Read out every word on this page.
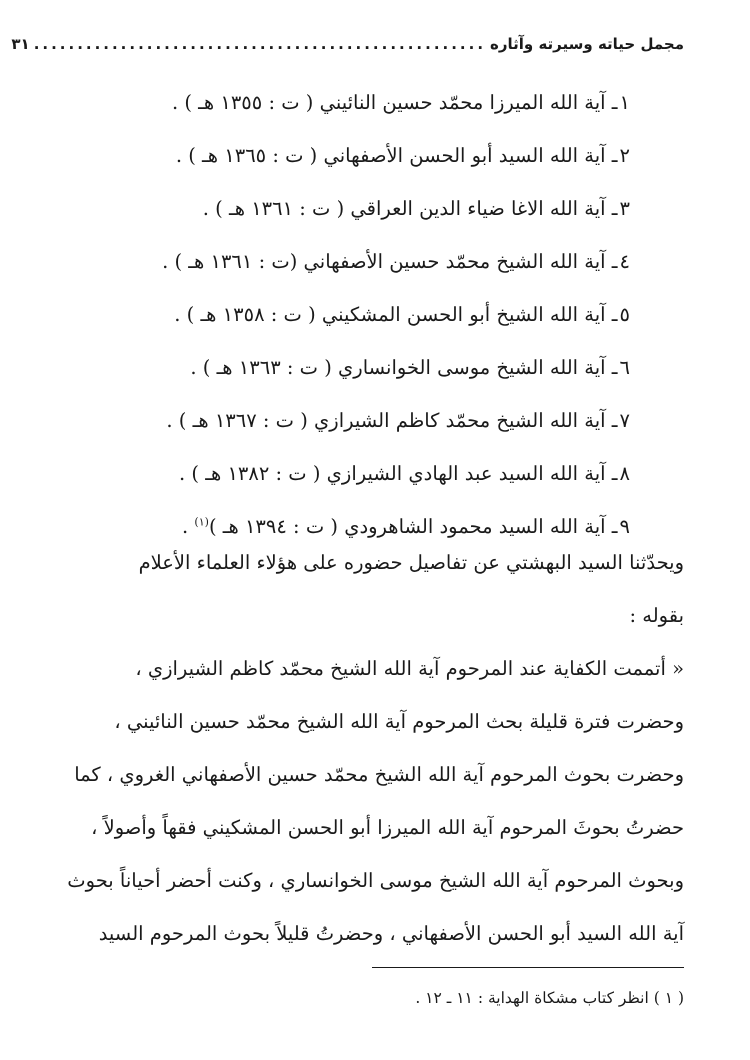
مجمل حياته وسيرته وآثاره
....................................................
٣١
١ـ آية الله الميرزا محمّد حسين النائيني ( ت : ١٣٥٥ هـ ) .
٢ـ آية الله السيد أبو الحسن الأصفهاني ( ت : ١٣٦٥ هـ ) .
٣ـ آية الله الاغا ضياء الدين العراقي ( ت : ١٣٦١ هـ ) .
٤ـ آية الله الشيخ محمّد حسين الأصفهاني (ت : ١٣٦١ هـ ) .
٥ـ آية الله الشيخ أبو الحسن المشكيني ( ت : ١٣٥٨ هـ ) .
٦ـ آية الله الشيخ موسى الخوانساري ( ت : ١٣٦٣ هـ ) .
٧ـ آية الله الشيخ محمّد كاظم الشيرازي ( ت : ١٣٦٧ هـ ) .
٨ـ آية الله السيد عبد الهادي الشيرازي ( ت : ١٣٨٢ هـ ) .
٩ـ آية الله السيد محمود الشاهرودي ( ت : ١٣٩٤ هـ )$^{(١)}$ .

ويحدّثنا السيد البهشتي عن تفاصيل حضوره على هؤلاء العلماء الأعلام
بقوله :

« أتممت الكفاية عند المرحوم آية الله الشيخ محمّد كاظم الشيرازي ،
وحضرت فترة قليلة بحث المرحوم آية الله الشيخ محمّد حسين النائيني ،
وحضرت بحوث المرحوم آية الله الشيخ محمّد حسين الأصفهاني الغروي ، كما
حضرتُ بحوثَ المرحوم آية الله الميرزا أبو الحسن المشكيني فقهاً وأصولاً ،
وبحوث المرحوم آية الله الشيخ موسى الخوانساري ، وكنت أحضر أحياناً بحوث
آية الله السيد أبو الحسن الأصفهاني ، وحضرتُ قليلاً بحوث المرحوم السيد

( ١ ) انظر كتاب مشكاة الهداية : ١١ ـ ١٢ .
